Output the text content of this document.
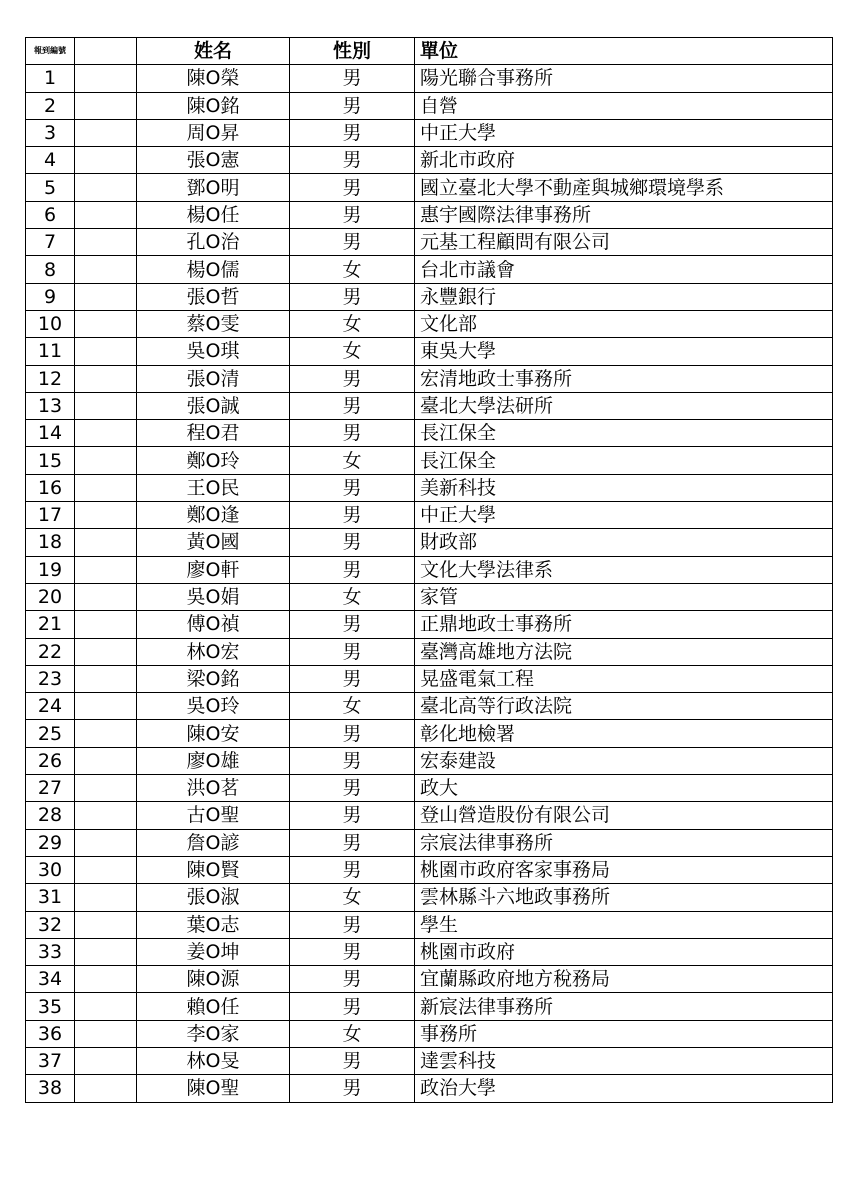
報到編號		姓名	性別	單位
1		陳O榮	男	陽光聯合事務所
2		陳O銘	男	自營
3		周O昇	男	中正大學
4		張O憲	男	新北市政府
5		鄧O明	男	國立臺北大學不動產與城鄉環境學系
6		楊O任	男	惠宇國際法律事務所
7		孔O治	男	元基工程顧問有限公司
8		楊O儒	女	台北市議會
9		張O哲	男	永豐銀行
10		蔡O雯	女	文化部
11		吳O琪	女	東吳大學
12		張O清	男	宏清地政士事務所
13		張O誠	男	臺北大學法研所
14		程O君	男	長江保全
15		鄭O玲	女	長江保全
16		王O民	男	美新科技
17		鄭O逢	男	中正大學
18		黃O國	男	財政部
19		廖O軒	男	文化大學法律系
20		吳O娟	女	家管
21		傅O禎	男	正鼎地政士事務所
22		林O宏	男	臺灣高雄地方法院
23		梁O銘	男	晃盛電氣工程
24		吳O玲	女	臺北高等行政法院
25		陳O安	男	彰化地檢署
26		廖O雄	男	宏泰建設
27		洪O茗	男	政大
28		古O聖	男	登山營造股份有限公司
29		詹O諺	男	宗宸法律事務所
30		陳O賢	男	桃園市政府客家事務局
31		張O淑	女	雲林縣斗六地政事務所
32		葉O志	男	學生
33		姜O坤	男	桃園市政府
34		陳O源	男	宜蘭縣政府地方稅務局
35		賴O任	男	新宸法律事務所
36		李O家	女	事務所
37		林O旻	男	達雲科技
38		陳O聖	男	政治大學
